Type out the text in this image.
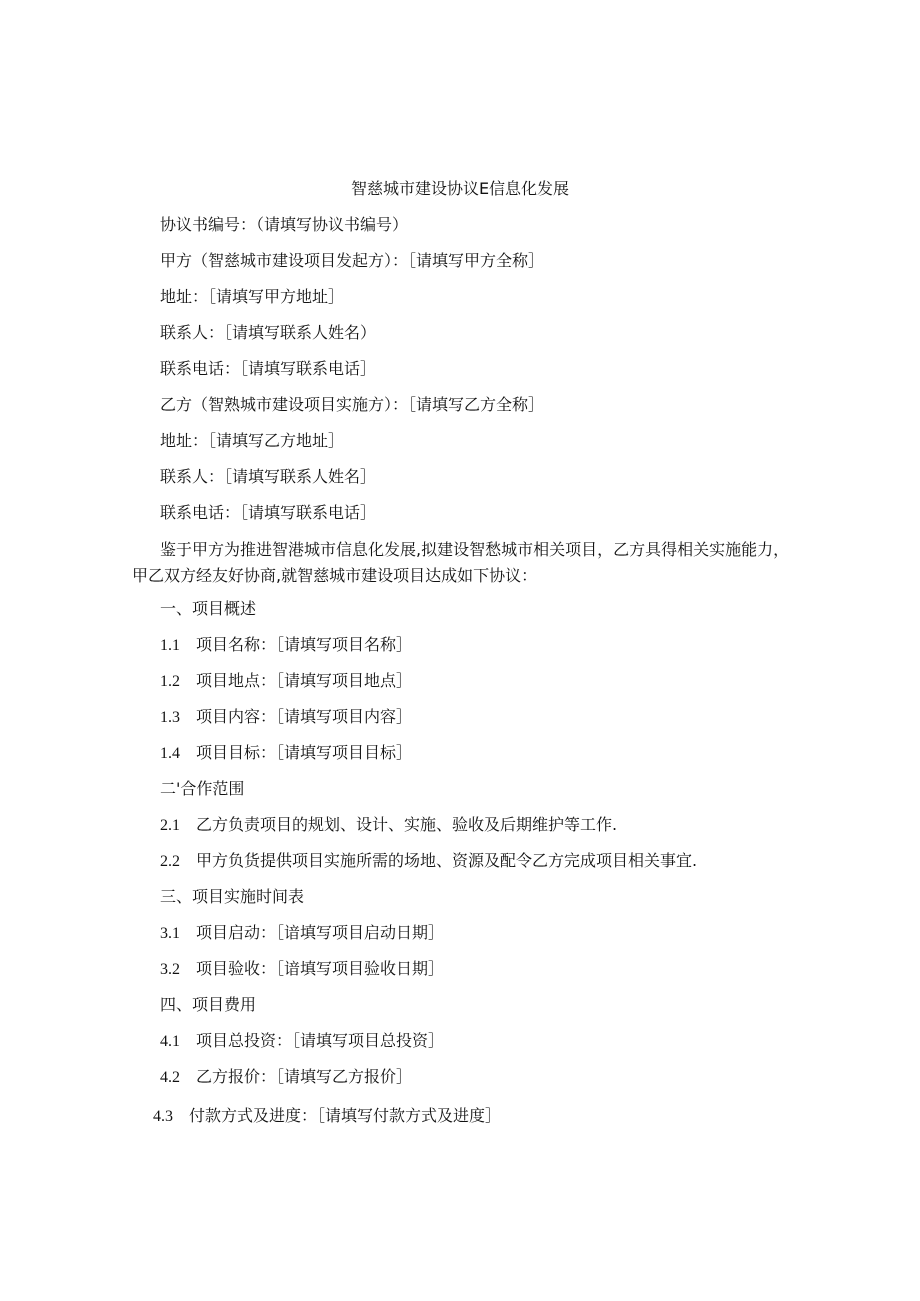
智慈城市建设协议E信息化发展
协议书编号：（请填写协议书编号）
甲方（智慈城市建设项目发起方）：［请填写甲方全称］
地址：［请填写甲方地址］
联系人：［请填写联系人姓名）
联系电话：［请填写联系电话］
乙方（智熟城市建设项目实施方）：［请填写乙方全称］
地址：［请填写乙方地址］
联系人：［请填写联系人姓名］
联系电话：［请填写联系电话］
鉴于甲方为推进智港城市信息化发展,拟建设智愁城市相关项目，乙方具得相关实施能力，甲乙双方经友好协商,就智慈城市建设项目达成如下协议：
一、项目概述
1.1 项目名称：［请填写项目名称］
1.2 项目地点：［请填写项目地点］
1.3 项目内容：［请填写项目内容］
1.4 项目目标：［请填写项目目标］
二'合作范围
2.1 乙方负责项目的规划、设计、实施、验收及后期维护等工作.
2.2 甲方负货提供项目实施所需的场地、资源及配令乙方完成项目相关事宜.
三、项目实施时间表
3.1 项目启动：［谙填写项目启动日期］
3.2 项目验收：［谙填写项目验收日期］
四、项目费用
4.1 项目总投资：［请填写项目总投资］
4.2 乙方报价：［请填写乙方报价］
4.3 付款方式及进度：［请填写付款方式及进度］
